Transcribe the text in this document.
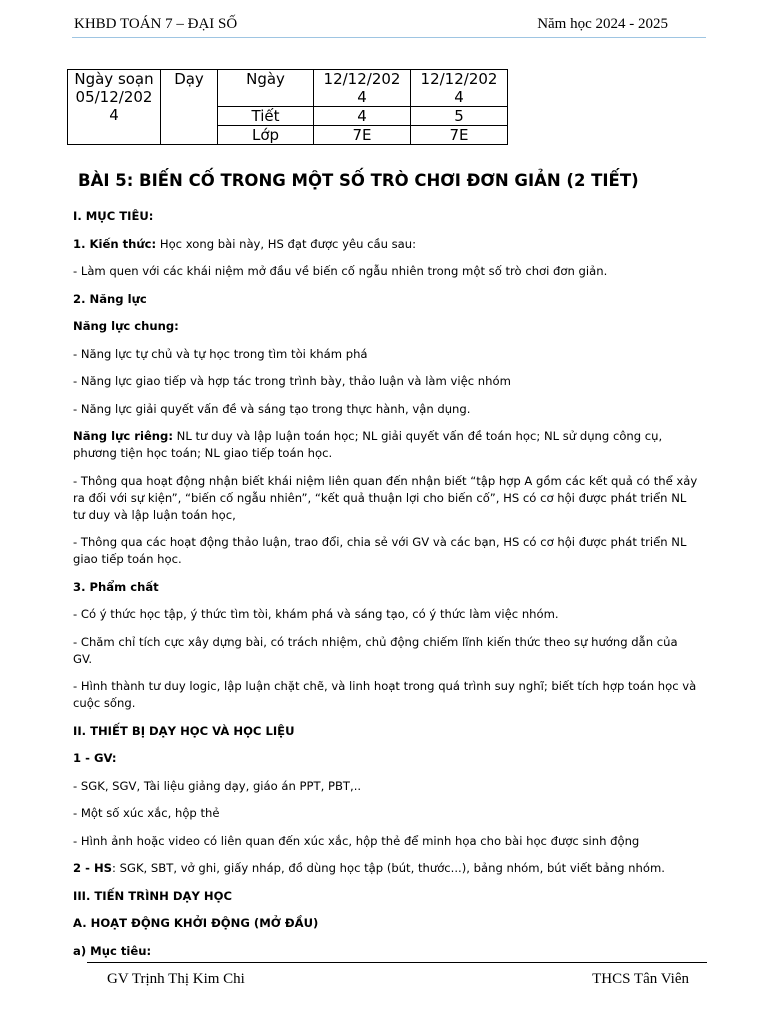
KHBD TOÁN 7 – ĐẠI SỐ	Năm học 2024 - 2025
Ngày soạn 05/12/2024	Dạy	Ngày	12/12/2024	12/12/2024

		Tiết	4	5
		Lớp	7E	7E
BÀI 5: BIẾN CỐ TRONG MỘT SỐ TRÒ CHƠI ĐƠN GIẢN (2 TIẾT)

I. MỤC TIÊU:

1. Kiến thức: Học xong bài này, HS đạt được yêu cầu sau:

- Làm quen với các khái niệm mở đầu về biến cố ngẫu nhiên trong một số trò chơi đơn giản.

2. Năng lực

Năng lực chung:

- Năng lực tự chủ và tự học trong tìm tòi khám phá

- Năng lực giao tiếp và hợp tác trong trình bày, thảo luận và làm việc nhóm

- Năng lực giải quyết vấn đề và sáng tạo trong thực hành, vận dụng.

Năng lực riêng: NL tư duy và lập luận toán học; NL giải quyết vấn đề toán học; NL sử dụng công cụ, phương tiện học toán; NL giao tiếp toán học.

- Thông qua hoạt động nhận biết khái niệm liên quan đến nhận biết “tập hợp A gồm các kết quả có thể xảy ra đối với sự kiện”, “biến cố ngẫu nhiên”, “kết quả thuận lợi cho biến cố”, HS có cơ hội được phát triển NL tư duy và lập luận toán học,

- Thông qua các hoạt động thảo luận, trao đổi, chia sẻ với GV và các bạn, HS có cơ hội được phát triển NL giao tiếp toán học.

3. Phẩm chất

- Có ý thức học tập, ý thức tìm tòi, khám phá và sáng tạo, có ý thức làm việc nhóm.

- Chăm chỉ tích cực xây dựng bài, có trách nhiệm, chủ động chiếm lĩnh kiến thức theo sự hướng dẫn của GV.

- Hình thành tư duy logic, lập luận chặt chẽ, và linh hoạt trong quá trình suy nghĩ; biết tích hợp toán học và cuộc sống.

II. THIẾT BỊ DẠY HỌC VÀ HỌC LIỆU

1 - GV:

- SGK, SGV, Tài liệu giảng dạy, giáo án PPT, PBT,..

- Một số xúc xắc, hộp thẻ

- Hình ảnh hoặc video có liên quan đến xúc xắc, hộp thẻ để minh họa cho bài học được sinh động

2 - HS: SGK, SBT, vở ghi, giấy nháp, đồ dùng học tập (bút, thước...), bảng nhóm, bút viết bảng nhóm.

III. TIẾN TRÌNH DẠY HỌC

A. HOẠT ĐỘNG KHỞI ĐỘNG (MỞ ĐẦU)

a) Mục tiêu:

GV Trịnh Thị Kim Chi	THCS Tân Viên
